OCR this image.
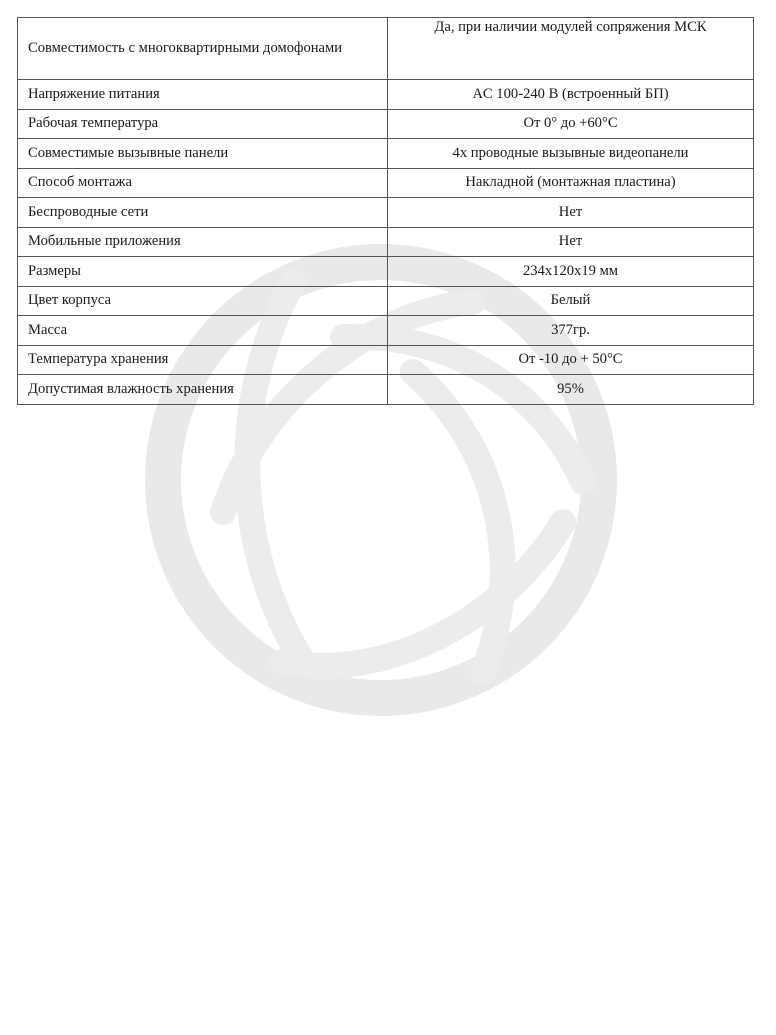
Совместимость с многоквартирными домофонами	Да, при наличии модулей сопряжения МСК
Напряжение питания	AC 100-240 В (встроенный БП)
Рабочая температура	От 0° до +60°C
Совместимые вызывные панели	4х проводные вызывные видеопанели
Способ монтажа	Накладной (монтажная пластина)
Беспроводные сети	Нет
Мобильные приложения	Нет
Размеры	234x120x19 мм
Цвет корпуса	Белый
Масса	377гр.
Температура хранения	От -10 до + 50°C
Допустимая влажность хранения	95%
